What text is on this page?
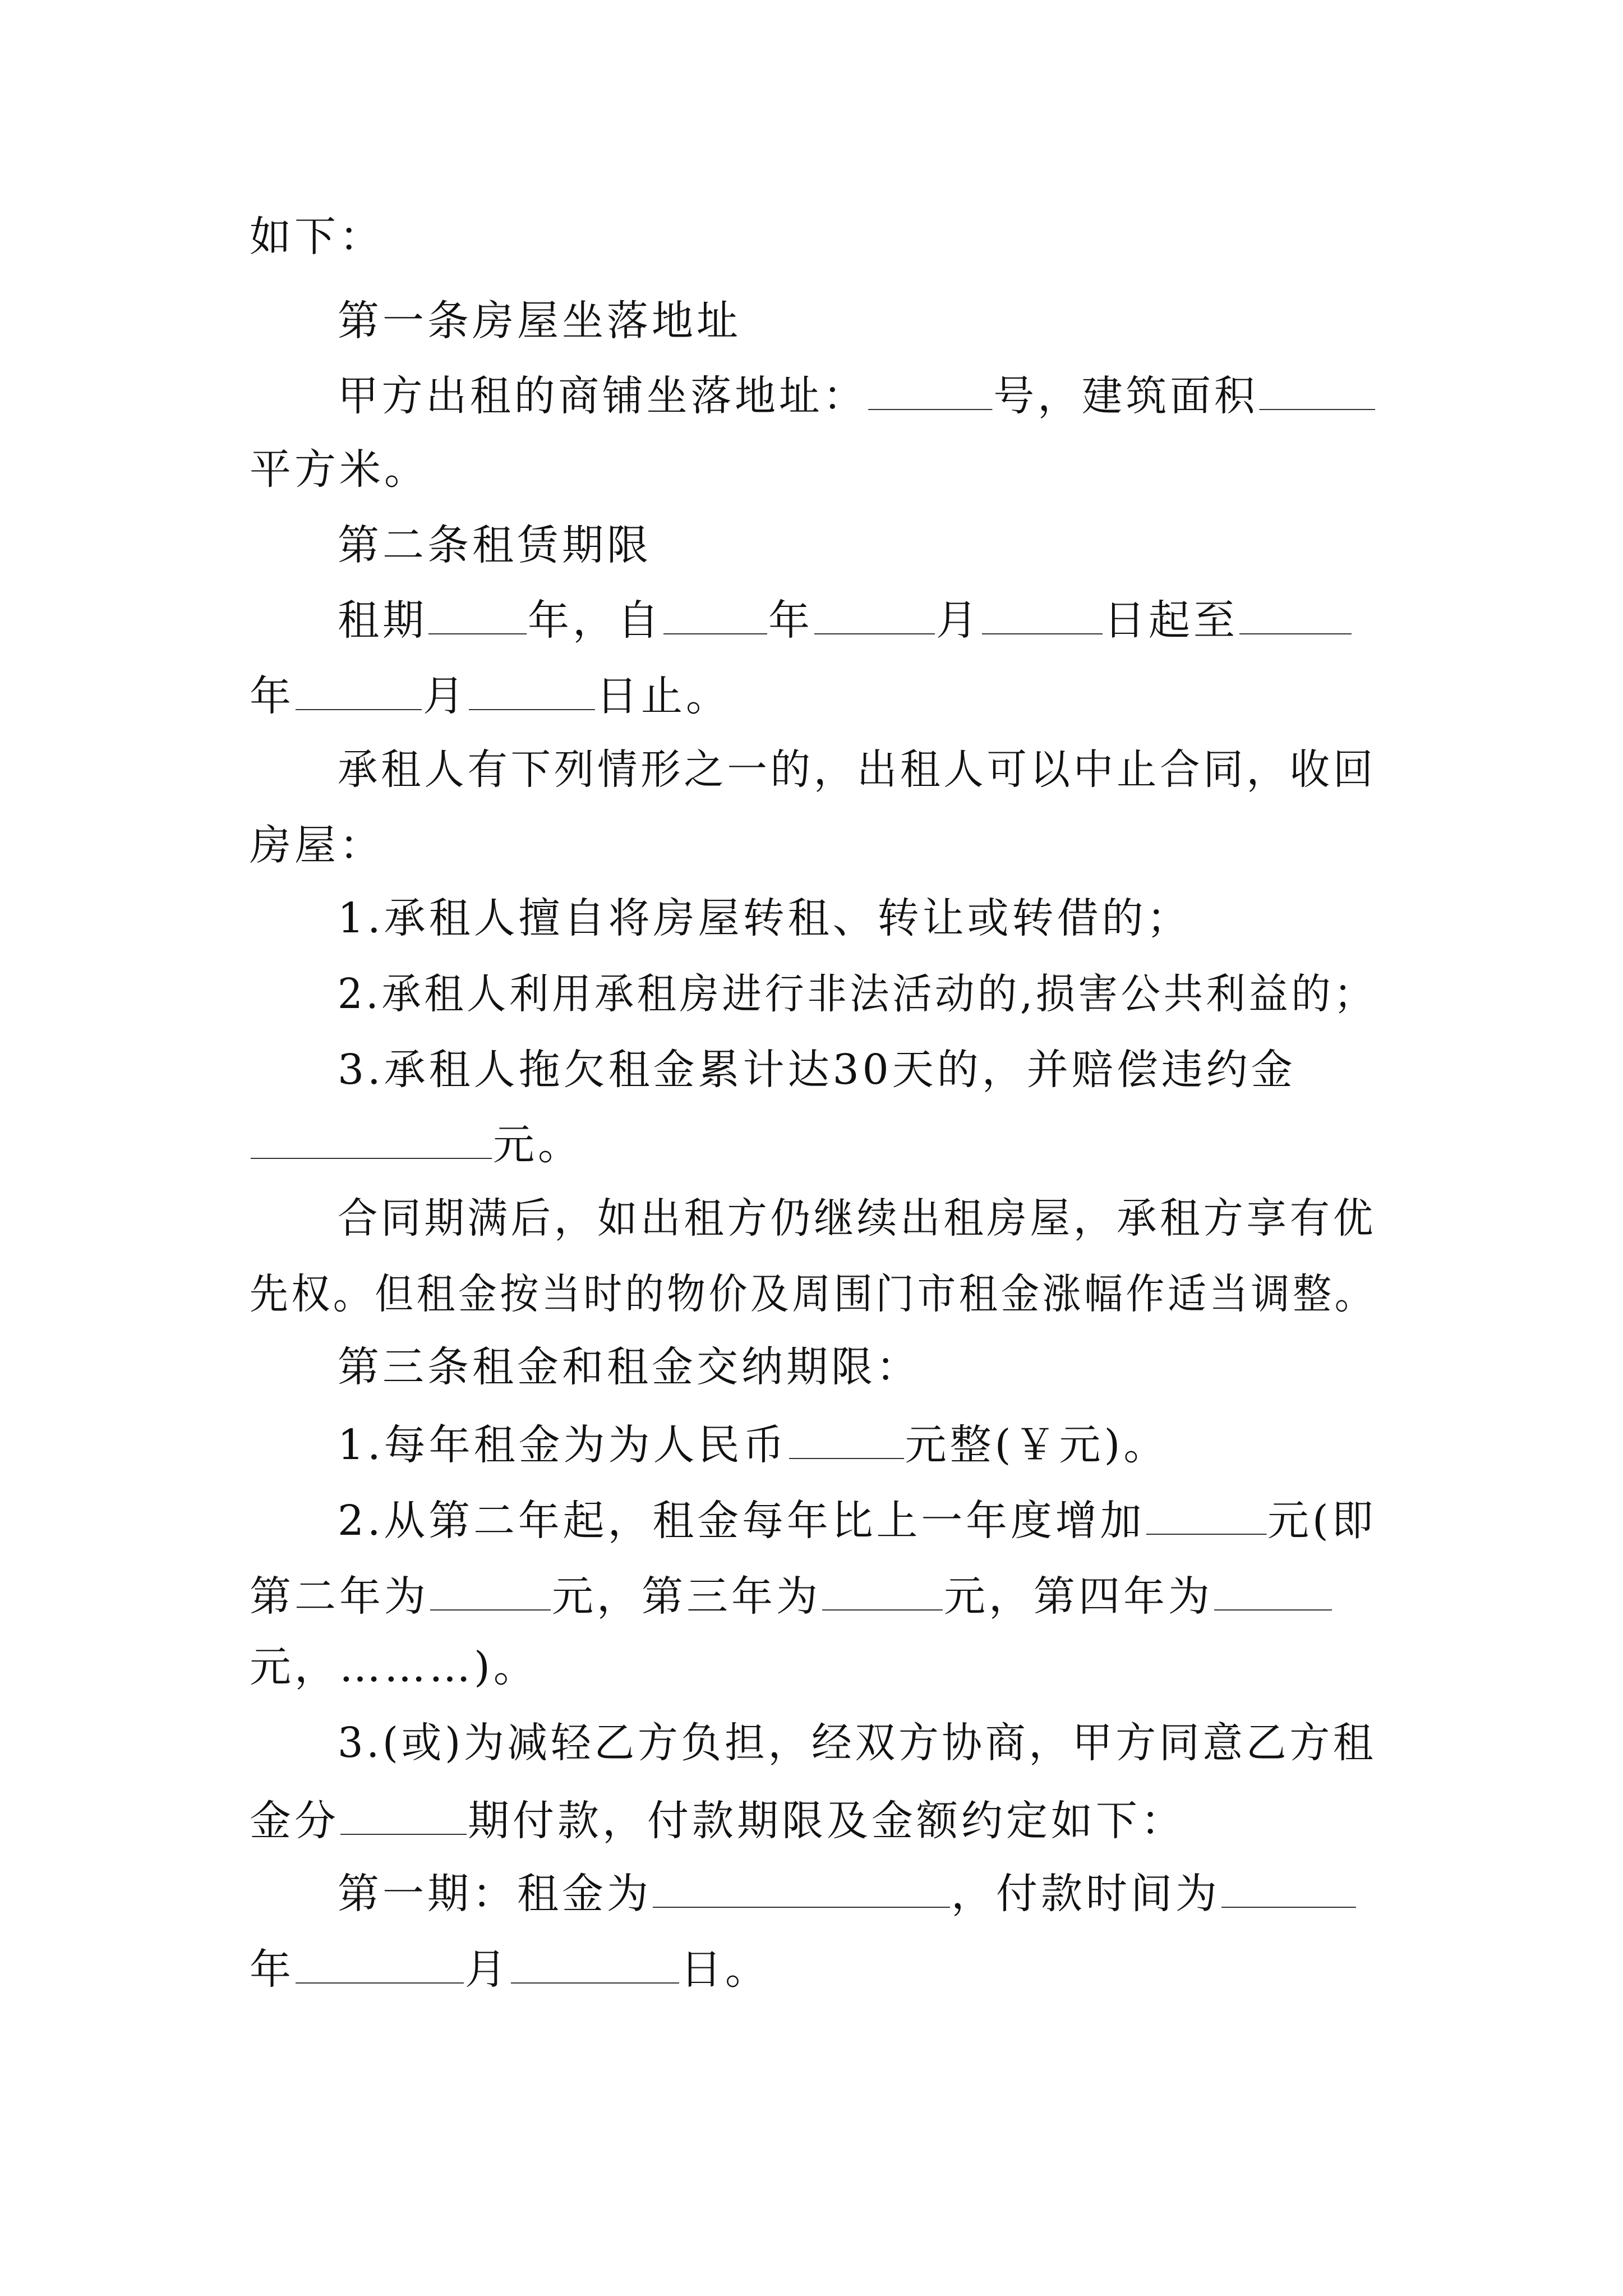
如下：
第一条房屋坐落地址
甲方出租的商铺坐落地址：	号，建筑面积
平方米。
第二条租赁期限
租期 年，自	年	月	日起至
年	月	日止。
承租人有下列情形之一的，出租人可以中止合同，收回
房屋：
1.承租人擅自将房屋转租、转让或转借的；
2.承租人利用承租房进行非法活动的,损害公共利益的；
3.承租人拖欠租金累计达30天的，并赔偿违约金
元。
合同期满后，如出租方仍继续出租房屋，承租方享有优
先权。但租金按当时的物价及周围门市租金涨幅作适当调整。
第三条租金和租金交纳期限：
1.每年租金为为人民币	元整(￥元)。
2.从第二年起，租金每年比上一年度增加	元(即
第二年为	元，第三年为	元，第四年为
元，………)。
3.(或)为减轻乙方负担，经双方协商，甲方同意乙方租
金分	期付款，付款期限及金额约定如下：
第一期：租金为	，付款时间为
年	月	日。
